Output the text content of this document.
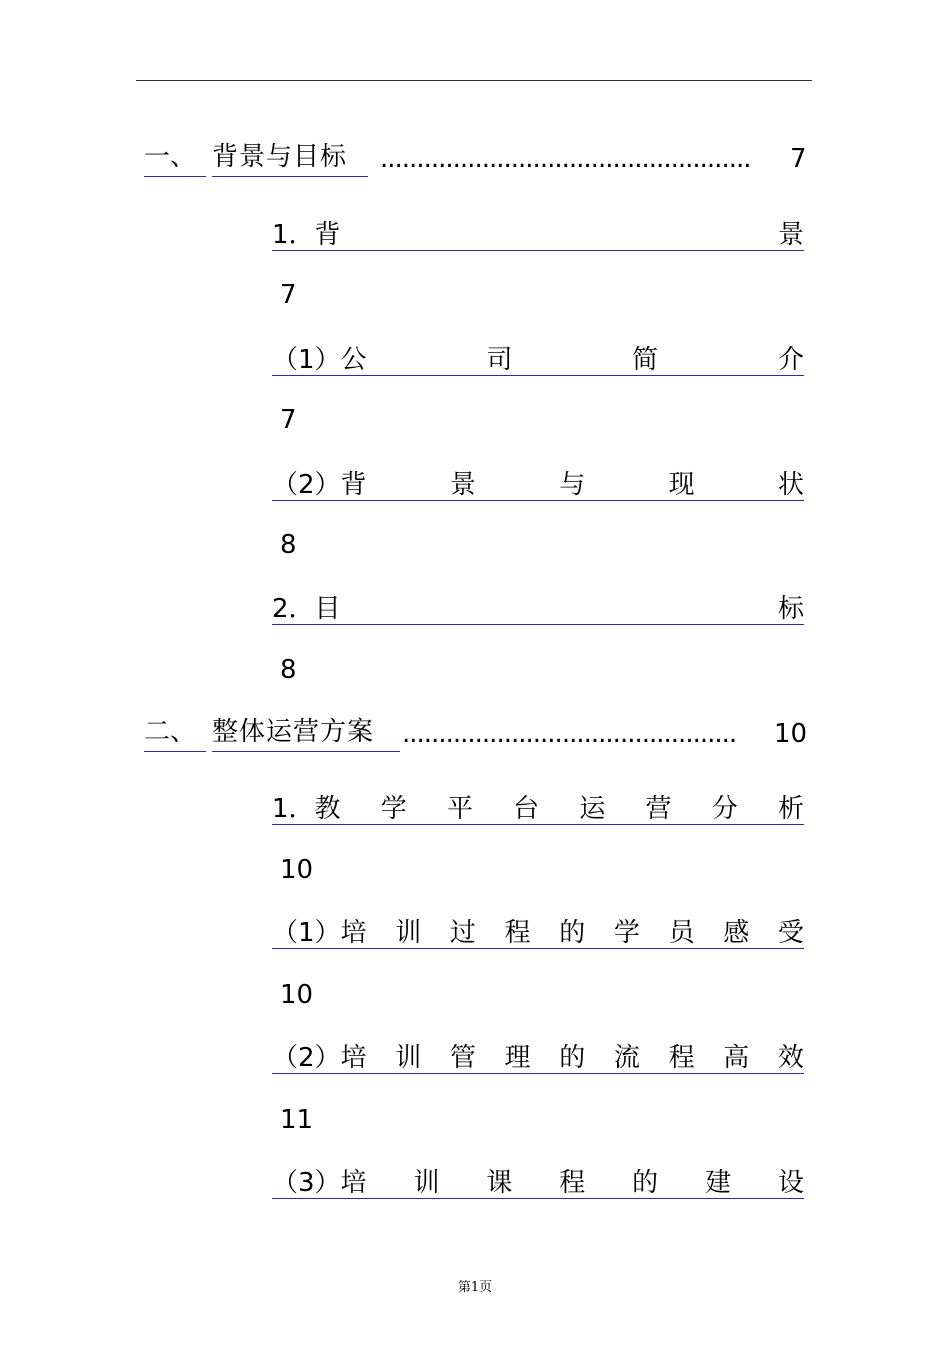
一、 背景与目标	...................................................	7
1．背	景
7
（1）公	司	简	介
7
（2）背	景	与	现	状
8
2．目	标
8
二、 整体运营方案	..............................................	10
1．教 学 平 台 运 营 分 析
10
（1）培 训 过 程 的 学 员 感 受
10
（2）培 训 管 理 的 流 程 高 效
11
（3）培 训 课 程 的 建 设
第1页
